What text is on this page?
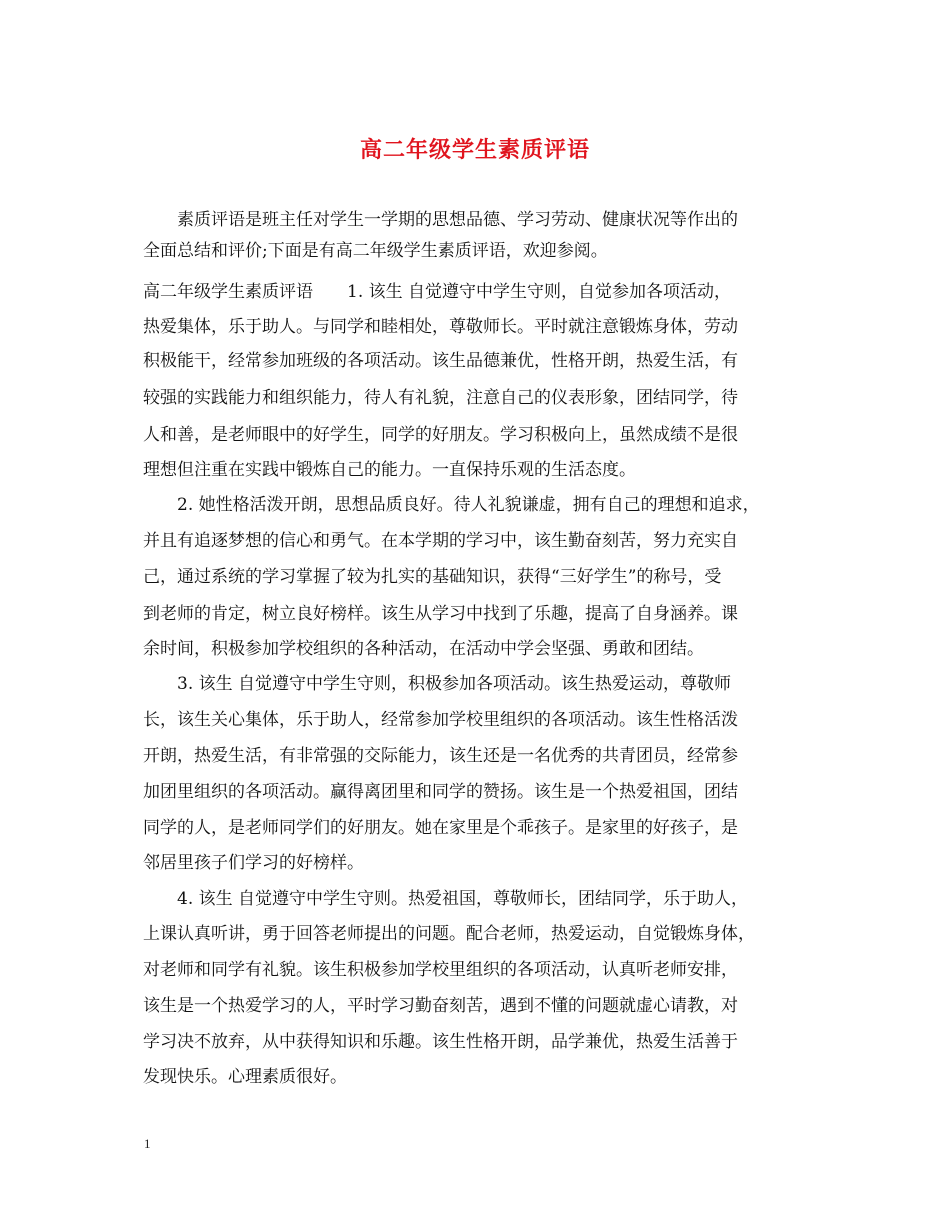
高二年级学生素质评语
　　素质评语是班主任对学生一学期的思想品德、学习劳动、健康状况等作出的
全面总结和评价;下面是有高二年级学生素质评语，欢迎参阅。
高二年级学生素质评语　　1. 该生 自觉遵守中学生守则，自觉参加各项活动，
热爱集体，乐于助人。与同学和睦相处，尊敬师长。平时就注意锻炼身体，劳动
积极能干，经常参加班级的各项活动。该生品德兼优，性格开朗，热爱生活，有
较强的实践能力和组织能力，待人有礼貌，注意自己的仪表形象，团结同学，待
人和善，是老师眼中的好学生，同学的好朋友。学习积极向上，虽然成绩不是很
理想但注重在实践中锻炼自己的能力。一直保持乐观的生活态度。
　　2. 她性格活泼开朗，思想品质良好。待人礼貌谦虚，拥有自己的理想和追求，
并且有追逐梦想的信心和勇气。在本学期的学习中，该生勤奋刻苦，努力充实自
己，通过系统的学习掌握了较为扎实的基础知识，获得“三好学生”的称号，受
到老师的肯定，树立良好榜样。该生从学习中找到了乐趣，提高了自身涵养。课
余时间，积极参加学校组织的各种活动，在活动中学会坚强、勇敢和团结。
　　3. 该生 自觉遵守中学生守则，积极参加各项活动。该生热爱运动，尊敬师
长，该生关心集体，乐于助人，经常参加学校里组织的各项活动。该生性格活泼
开朗，热爱生活，有非常强的交际能力，该生还是一名优秀的共青团员，经常参
加团里组织的各项活动。赢得离团里和同学的赞扬。该生是一个热爱祖国，团结
同学的人，是老师同学们的好朋友。她在家里是个乖孩子。是家里的好孩子，是
邻居里孩子们学习的好榜样。
　　4. 该生 自觉遵守中学生守则。热爱祖国，尊敬师长，团结同学，乐于助人，
上课认真听讲，勇于回答老师提出的问题。配合老师，热爱运动，自觉锻炼身体，
对老师和同学有礼貌。该生积极参加学校里组织的各项活动，认真听老师安排，
该生是一个热爱学习的人，平时学习勤奋刻苦，遇到不懂的问题就虚心请教，对
学习决不放弃，从中获得知识和乐趣。该生性格开朗，品学兼优，热爱生活善于
发现快乐。心理素质很好。
1
